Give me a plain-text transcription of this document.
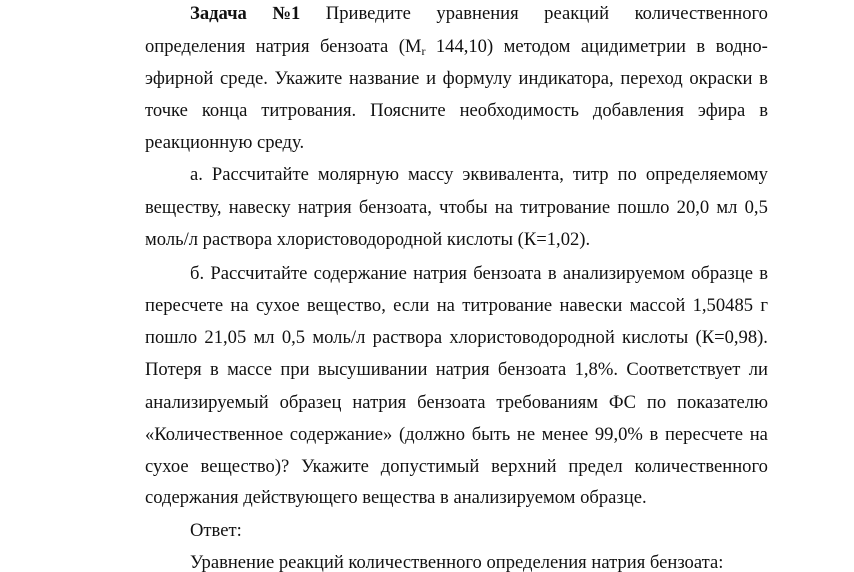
Задача №1 Приведите уравнения реакций количественного
определения натрия бензоата ($M_r$ 144,10) методом ацидиметрии в водно-
эфирной среде. Укажите название и формулу индикатора, переход окраски в
точке конца титрования. Поясните необходимость добавления эфира в
реакционную среду.
а. Рассчитайте молярную массу эквивалента, титр по определяемому
веществу, навеску натрия бензоата, чтобы на титрование пошло 20,0 мл 0,5
моль/л раствора хлористоводородной кислоты (К=1,02).
б. Рассчитайте содержание натрия бензоата в анализируемом образце в
пересчете на сухое вещество, если на титрование навески массой 1,50485 г
пошло 21,05 мл 0,5 моль/л раствора хлористоводородной кислоты (К=0,98).
Потеря в массе при высушивании натрия бензоата 1,8%. Соответствует ли
анализируемый образец натрия бензоата требованиям ФС по показателю
«Количественное содержание» (должно быть не менее 99,0% в пересчете на
сухое вещество)? Укажите допустимый верхний предел количественного
содержания действующего вещества в анализируемом образце.
Ответ:
Уравнение реакций количественного определения натрия бензоата:
